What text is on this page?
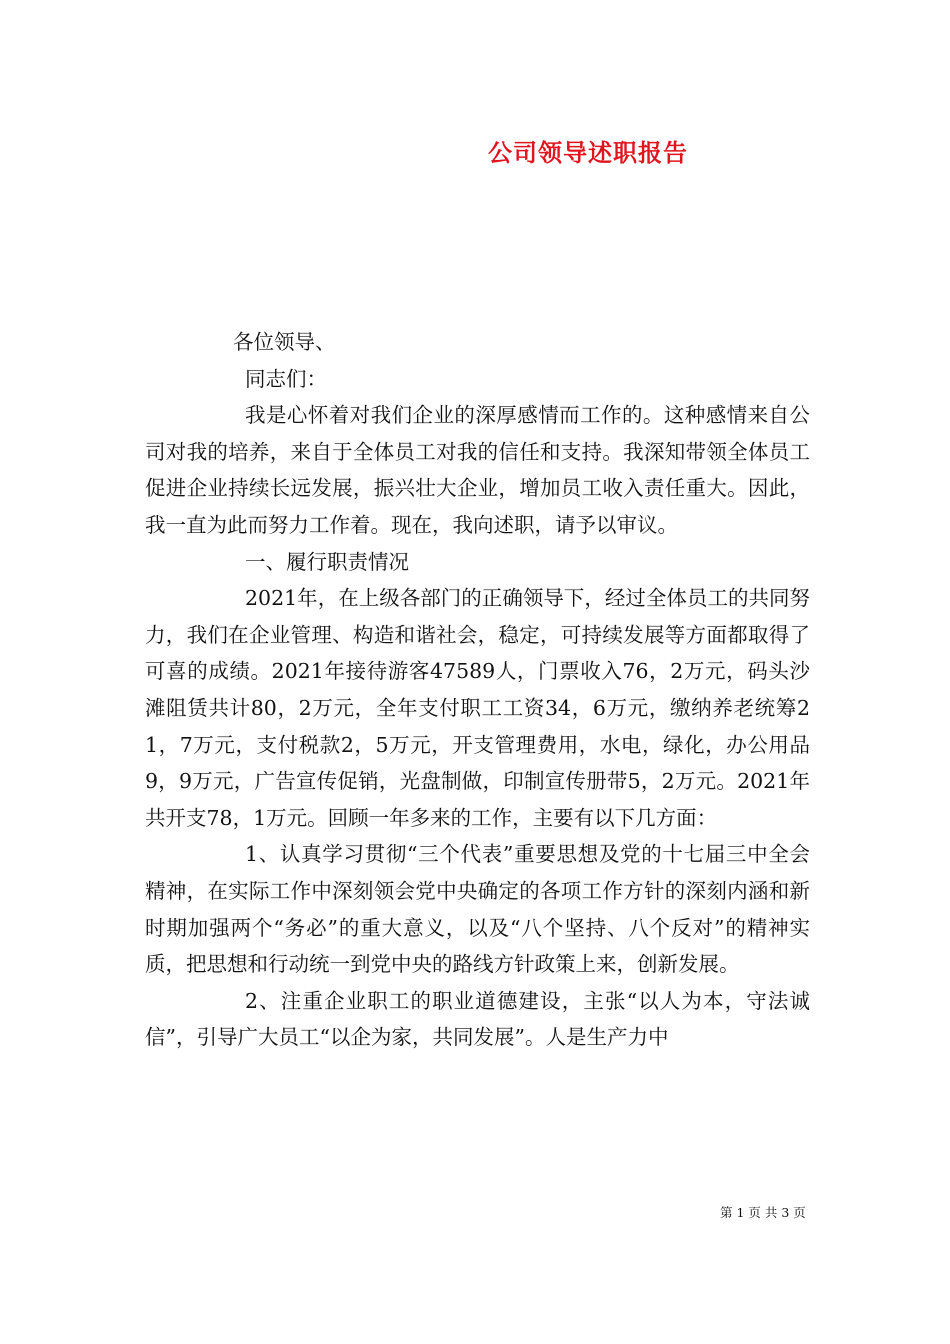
公司领导述职报告

各位领导、

同志们：

我是心怀着对我们企业的深厚感情而工作的。这种感情来自公司对我的培养，来自于全体员工对我的信任和支持。我深知带领全体员工促进企业持续长远发展，振兴壮大企业，增加员工收入责任重大。因此，我一直为此而努力工作着。现在，我向述职，请予以审议。

一、履行职责情况

2021年，在上级各部门的正确领导下，经过全体员工的共同努力，我们在企业管理、构造和谐社会，稳定，可持续发展等方面都取得了可喜的成绩。2021年接待游客47589人，门票收入76，2万元，码头沙滩阻赁共计80，2万元，全年支付职工工资34，6万元，缴纳养老统筹21，7万元，支付税款2，5万元，开支管理费用，水电，绿化，办公用品9，9万元，广告宣传促销，光盘制做，印制宣传册带5，2万元。2021年共开支78，1万元。回顾一年多来的工作，主要有以下几方面：

1、认真学习贯彻“三个代表”重要思想及党的十七届三中全会精神，在实际工作中深刻领会党中央确定的各项工作方针的深刻内涵和新时期加强两个“务必”的重大意义，以及“八个坚持、八个反对”的精神实质，把思想和行动统一到党中央的路线方针政策上来，创新发展。

2、注重企业职工的职业道德建设，主张“以人为本，守法诚信”，引导广大员工“以企为家，共同发展”。人是生产力中

第 1 页 共 3 页
